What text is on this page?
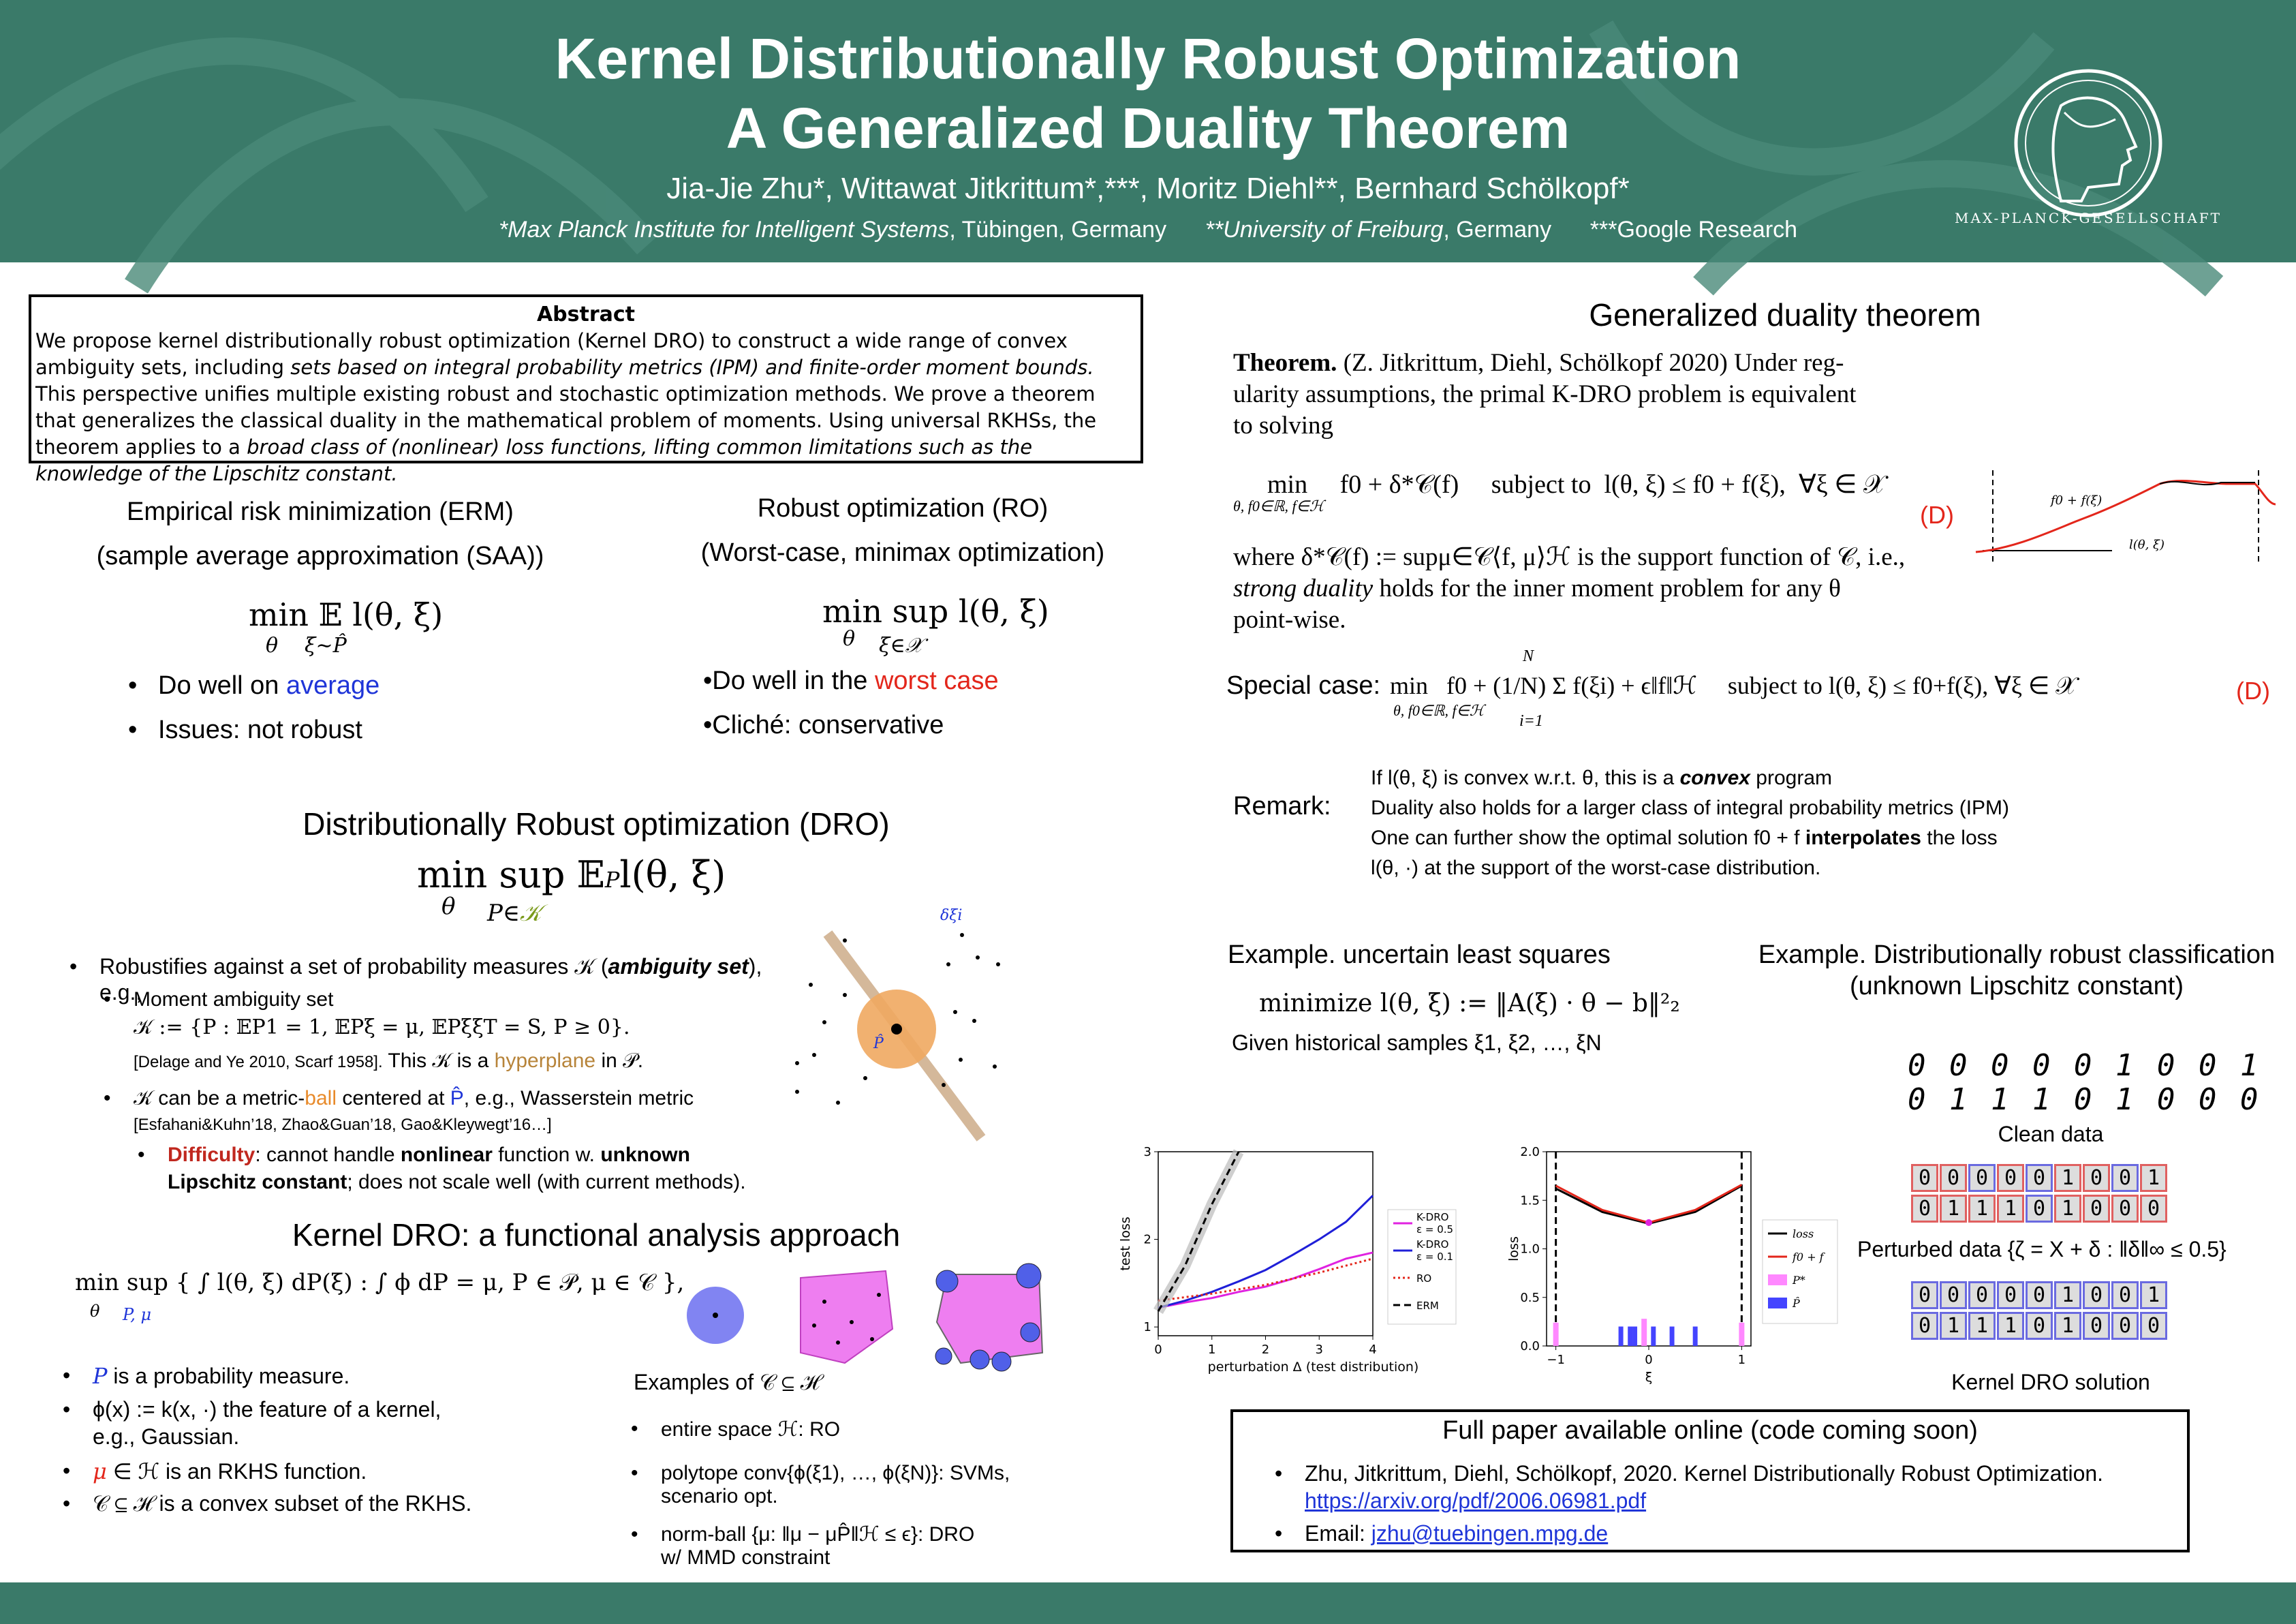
Kernel Distributionally Robust Optimization
A Generalized Duality Theorem
Jia-Jie Zhu*, Wittawat Jitkrittum*,***, Moritz Diehl**, Bernhard Schölkopf*
*Max Planck Institute for Intelligent Systems, Tübingen, Germany **University of Freiburg, Germany ***Google Research	MAX-PLANCK-GESELLSCHAFT
Abstract
We propose kernel distributionally robust optimization (Kernel DRO) to construct a wide range of convex ambiguity sets, including sets based on integral probability metrics (IPM) and finite-order moment bounds. This perspective unifies multiple existing robust and stochastic optimization methods. We prove a theorem that generalizes the classical duality in the mathematical problem of moments. Using universal RKHSs, the theorem applies to a broad class of (nonlinear) loss functions, lifting common limitations such as the knowledge of the Lipschitz constant.
Empirical risk minimization (ERM)
(sample average approximation (SAA))
min 𝔼 l(θ, ξ)
θ ξ∼P̂
Do well on average
Issues: not robust
Robust optimization (RO)
(Worst-case, minimax optimization)
min sup l(θ, ξ)
θ ξ∈𝒳
•Do well in the worst case
•Cliché: conservative
Distributionally Robust optimization (DRO)
min sup 𝔼Pl(θ, ξ)
θ P∈𝒦
Robustifies against a set of probability measures 𝒦 (ambiguity set), e.g.,
Moment ambiguity set
𝒦 := {P : 𝔼P1 = 1, 𝔼Pξ = μ, 𝔼PξξT = S, P ≥ 0}.
[Delage and Ye 2010, Scarf 1958]. This 𝒦 is a hyperplane in 𝒫.
𝒦 can be a metric-ball centered at P̂, e.g., Wasserstein metric
[Esfahani&Kuhn’18, Zhao&Guan’18, Gao&Kleywegt’16…]
Difficulty: cannot handle nonlinear function w. unknown
Lipschitz constant; does not scale well (with current methods).
P̂
δξi
Kernel DRO: a functional analysis approach
min sup { ∫ l(θ, ξ) dP(ξ) : ∫ ϕ dP = μ, P ∈ 𝒫, μ ∈ 𝒞 },
θ P, μ
P is a probability measure.
ϕ(x) := k(x, ·) the feature of a kernel,
e.g., Gaussian.
μ ∈ ℋ is an RKHS function.
𝒞 ⊆ ℋ is a convex subset of the RKHS.
Examples of 𝒞 ⊆ ℋ
entire space ℋ: RO
polytope conv{ϕ(ξ1), …, ϕ(ξN)}: SVMs,
scenario opt.
norm-ball {μ: ‖μ − μP̂‖ℋ ≤ ϵ}: DRO
w/ MMD constraint
Generalized duality theorem
Theorem. (Z. Jitkrittum, Diehl, Schölkopf 2020) Under reg-
ularity assumptions, the primal K-DRO problem is equivalent
to solving
min     f0 + δ*𝒞(f)     subject to  l(θ, ξ) ≤ f0 + f(ξ),  ∀ξ ∈ 𝒳
θ, f0∈ℝ, f∈ℋ	(D)
where δ*𝒞(f) := supμ∈𝒞⟨f, μ⟩ℋ is the support function of 𝒞, i.e.,
strong duality holds for the inner moment problem for any θ
point-wise.
f0 + f(ξ)
l(θ, ξ)
Special case: min   f0 + (1/N) Σ f(ξi) + ϵ‖f‖ℋ     subject to l(θ, ξ) ≤ f0+f(ξ), ∀ξ ∈ 𝒳
θ, f0∈ℝ, f∈ℋ
N
i=1
(D)
Remark:
If l(θ, ξ) is convex w.r.t. θ, this is a convex program
Duality also holds for a larger class of integral probability metrics (IPM)
One can further show the optimal solution f0 + f interpolates the loss
l(θ, ·) at the support of the worst-case distribution.
Example. uncertain least squares
minimize l(θ, ξ) := ‖A(ξ) · θ − b‖²₂
Given historical samples ξ1, ξ2, …, ξN
Example. Distributionally robust classification
(unknown Lipschitz constant)
0 0 0 0 0 1 0 0 1
0 1 1 1 0 1 0 0 0
Clean data
0 0 0 0 0 1 0 0 1
0 1 1 1 0 1 0 0 0
Perturbed data {ζ = X + δ : ‖δ‖∞ ≤ 0.5}
0 0 0 0 0 1 0 0 1
0 1 1 1 0 1 0 0 0
Kernel DRO solution
0	1	2	3	4
1
2
3
perturbation Δ (test distribution)
test loss	K-DRO
ε = 0.5
K-DRO
ε = 0.1
RO
ERM
−1	0	1
0.0
0.5
1.0
1.5
2.0
ξ
loss
loss
f0 + f
P*
P̂
Full paper available online (code coming soon)
Zhu, Jitkrittum, Diehl, Schölkopf, 2020. Kernel Distributionally Robust Optimization.
https://arxiv.org/pdf/2006.06981.pdf
Email: jzhu@tuebingen.mpg.de
